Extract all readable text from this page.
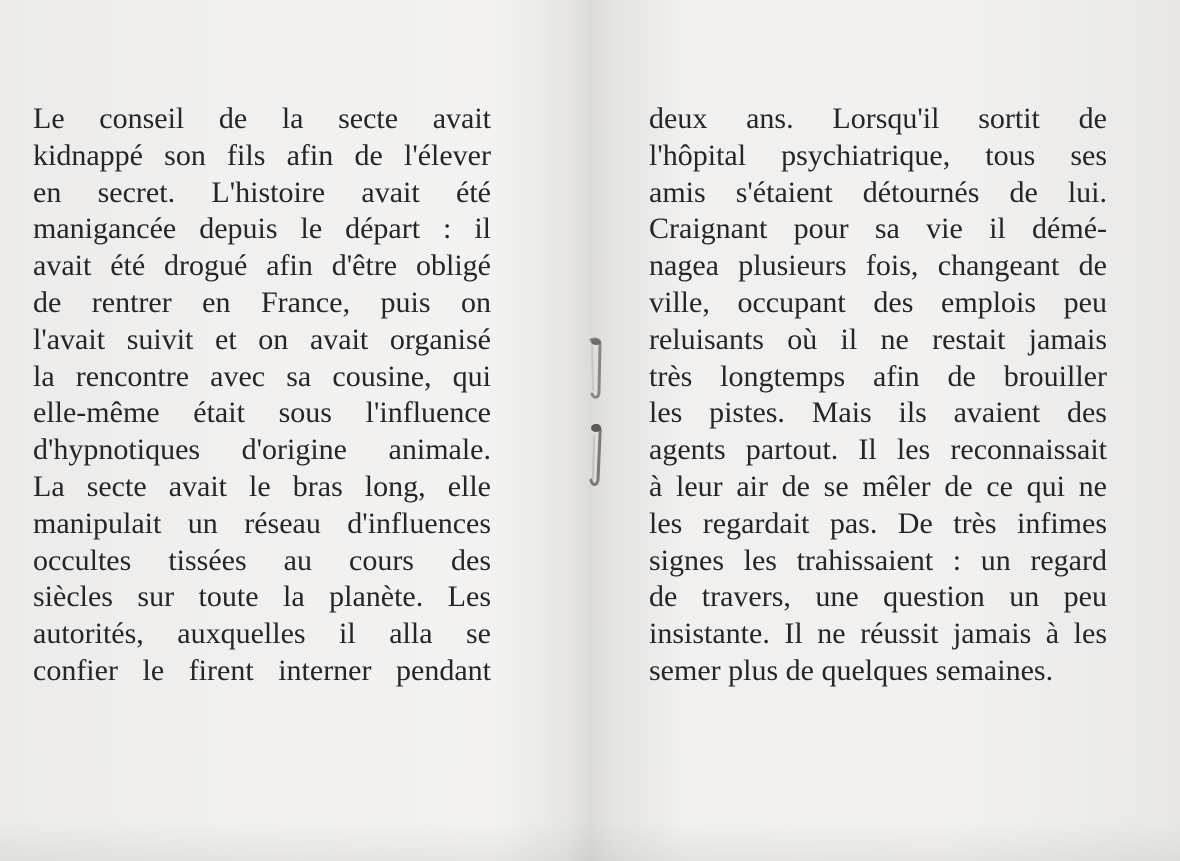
Le conseil de la secte avait
kidnappé son fils afin de l'élever
en secret. L'histoire avait été
manigancée depuis le départ : il
avait été drogué afin d'être obligé
de rentrer en France, puis on
l'avait suivit et on avait organisé
la rencontre avec sa cousine, qui
elle-même était sous l'influence
d'hypnotiques d'origine animale.
La secte avait le bras long, elle
manipulait un réseau d'influences
occultes tissées au cours des
siècles sur toute la planète. Les
autorités, auxquelles il alla se
confier le firent interner pendant
deux ans. Lorsqu'il sortit de
l'hôpital psychiatrique, tous ses
amis s'étaient détournés de lui.
Craignant pour sa vie il démé-
nagea plusieurs fois, changeant de
ville, occupant des emplois peu
reluisants où il ne restait jamais
très longtemps afin de brouiller
les pistes. Mais ils avaient des
agents partout. Il les reconnaissait
à leur air de se mêler de ce qui ne
les regardait pas. De très infimes
signes les trahissaient : un regard
de travers, une question un peu
insistante. Il ne réussit jamais à les
semer plus de quelques semaines.
